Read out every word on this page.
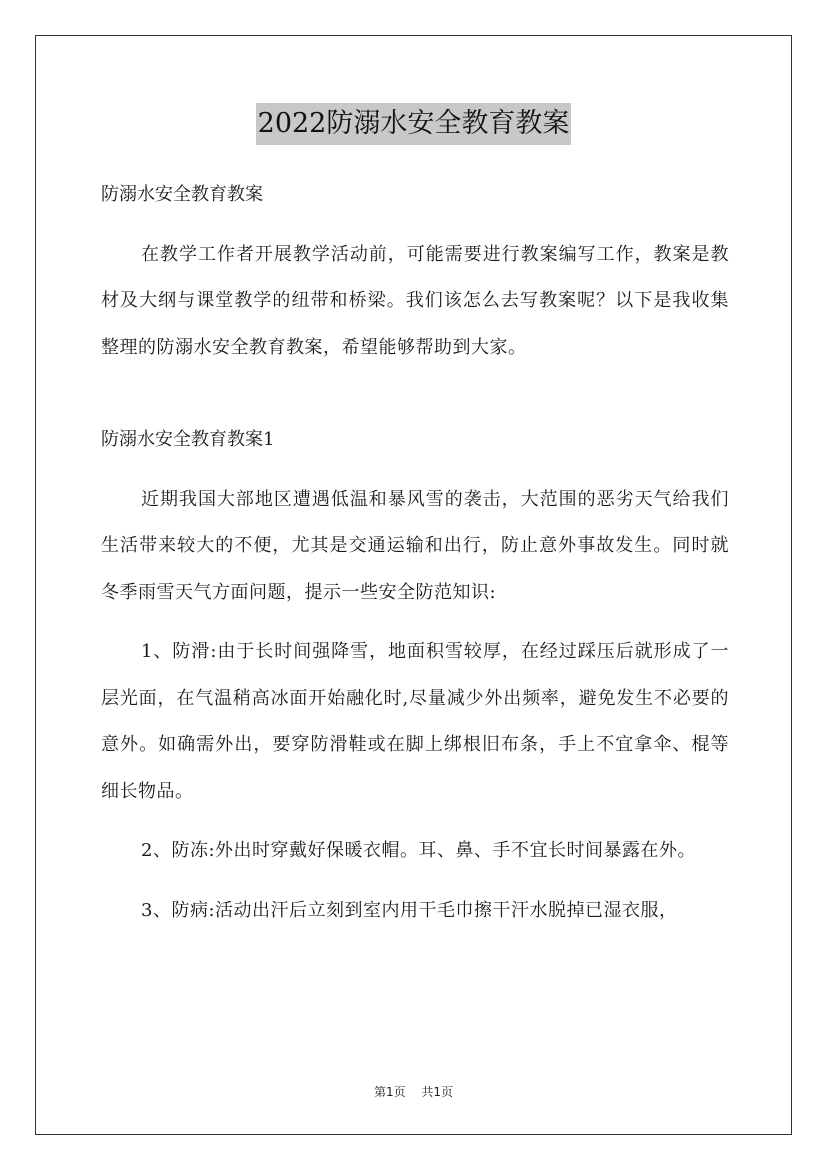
2022防溺水安全教育教案

防溺水安全教育教案

在教学工作者开展教学活动前，可能需要进行教案编写工作，教案是教材及大纲与课堂教学的纽带和桥梁。我们该怎么去写教案呢？以下是我收集整理的防溺水安全教育教案，希望能够帮助到大家。

防溺水安全教育教案1

近期我国大部地区遭遇低温和暴风雪的袭击，大范围的恶劣天气给我们生活带来较大的不便，尤其是交通运输和出行，防止意外事故发生。同时就冬季雨雪天气方面问题，提示一些安全防范知识:

1、防滑:由于长时间强降雪，地面积雪较厚，在经过踩压后就形成了一层光面，在气温稍高冰面开始融化时,尽量减少外出频率，避免发生不必要的意外。如确需外出，要穿防滑鞋或在脚上绑根旧布条，手上不宜拿伞、棍等细长物品。

2、防冻:外出时穿戴好保暖衣帽。耳、鼻、手不宜长时间暴露在外。

3、防病:活动出汗后立刻到室内用干毛巾擦干汗水脱掉已湿衣服，

第1页 共1页
